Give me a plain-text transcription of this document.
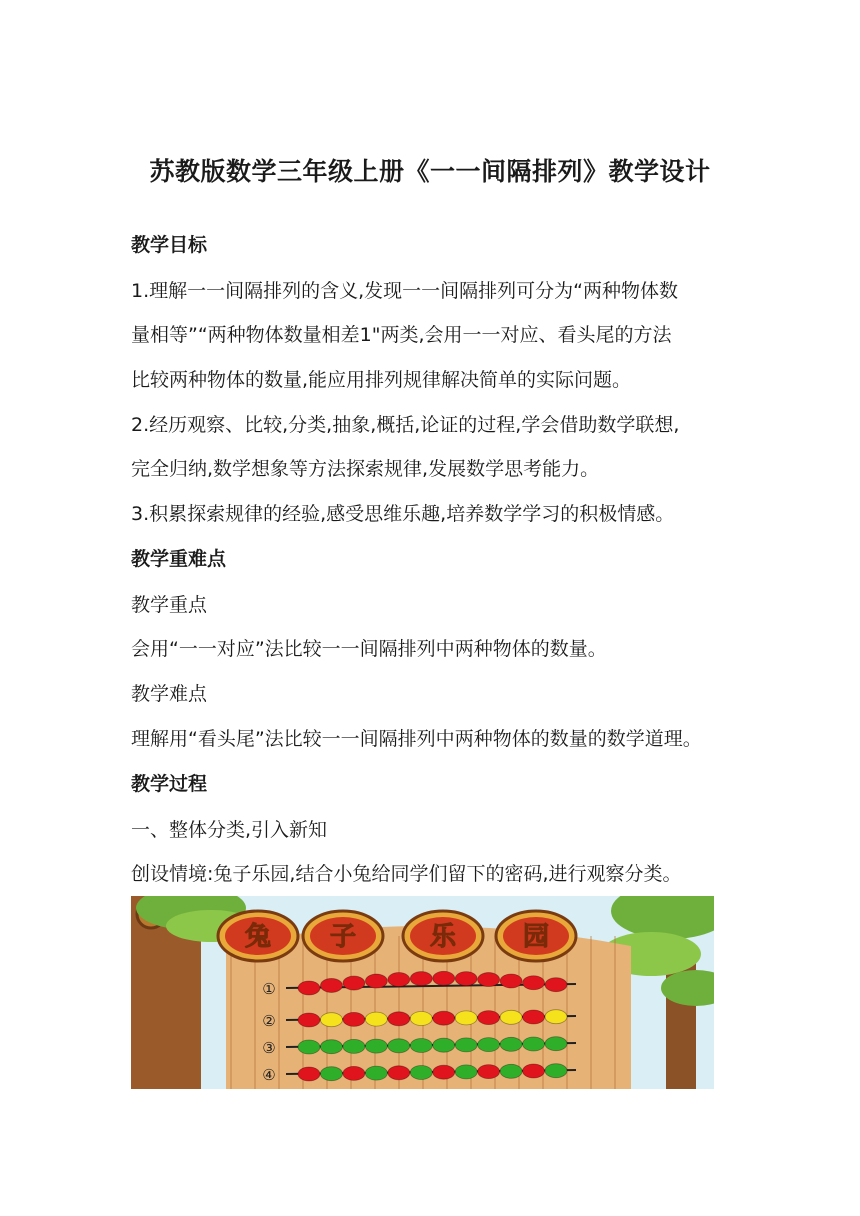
苏教版数学三年级上册《一一间隔排列》教学设计

教学目标

1.理解一一间隔排列的含义,发现一一间隔排列可分为“两种物体数

量相等”“两种物体数量相差1"两类,会用一一对应、看头尾的方法

比较两种物体的数量,能应用排列规律解决简单的实际问题。

2.经历观察、比较,分类,抽象,概括,论证的过程,学会借助数学联想,

完全归纳,数学想象等方法探索规律,发展数学思考能力。

3.积累探索规律的经验,感受思维乐趣,培养数学学习的积极情感。

教学重难点

教学重点

会用“一一对应”法比较一一间隔排列中两种物体的数量。

教学难点

理解用“看头尾”法比较一一间隔排列中两种物体的数量的数学道理。

教学过程

一、整体分类,引入新知

创设情境:兔子乐园,结合小兔给同学们留下的密码,进行观察分类。

兔 子	乐	园
①
②
③
④
